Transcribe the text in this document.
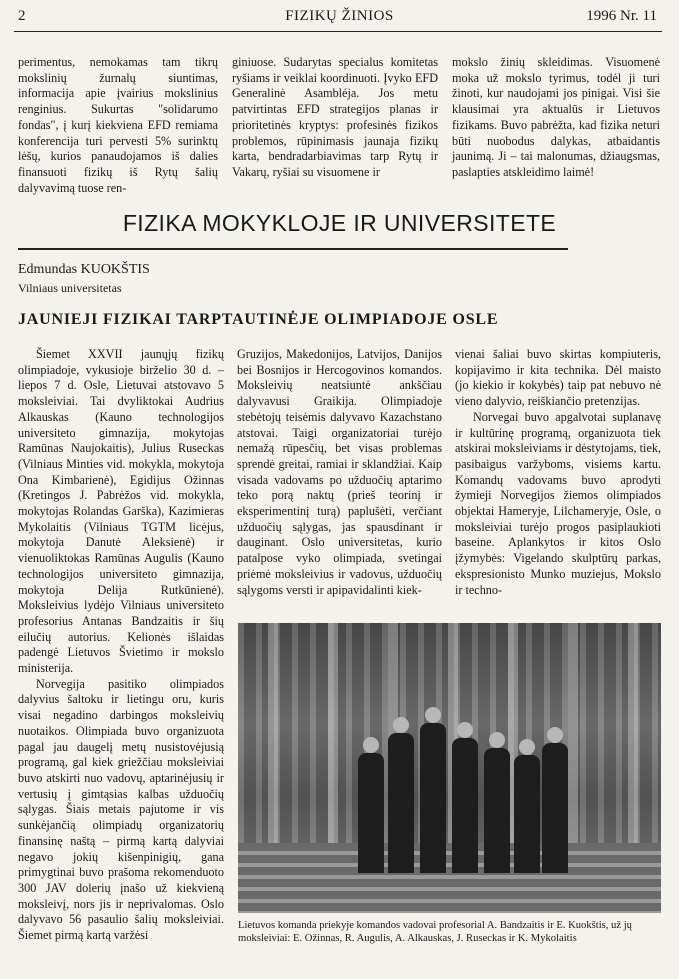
2	FIZIKŲ ŽINIOS	1996 Nr. 11

perimentus, nemokamas tam tikrų mokslinių žurnalų siuntimas, informacija apie įvairius mokslinius renginius. Sukurtas "solidarumo fondas", į kurį kiekviena EFD remiama konferencija turi pervesti 5% surinktų lėšų, kurios panaudojamos iš dalies finansuoti fizikų iš Rytų šalių dalyvavimą tuose ren-

giniuose. Sudarytas specialus komitetas ryšiams ir veiklai koordinuoti. Įvyko EFD Generalinė Asambléja. Jos metu patvirtintas EFD strategijos planas ir prioritetinės kryptys: profesinės fizikos problemos, rūpinimasis jaunaja fizikų karta, bendradarbiavimas tarp Rytų ir Vakarų, ryšiai su visuomene ir

mokslo žinių skleidimas. Visuomenė moka už mokslo tyrimus, todėl ji turi žinoti, kur naudojami jos pinigai. Visi šie klausimai yra aktualūs ir Lietuvos fizikams. Buvo pabrėžta, kad fizika neturi būti nuobodus dalykas, atbaidantis jaunimą. Ji – tai malonumas, džiaugsmas, paslapties atskleidimo laimė!

FIZIKA MOKYKLOJE IR UNIVERSITETE
Edmundas KUOKŠTIS
Vilniaus universitetas
JAUNIEJI FIZIKAI TARPTAUTINĖJE OLIMPIADOJE OSLE

Šiemet XXVII jaunųjų fizikų olimpiadoje, vykusioje birželio 30 d. – liepos 7 d. Osle, Lietuvai atstovavo 5 moksleiviai. Tai dvyliktokai Audrius Alkauskas (Kauno technologijos universiteto gimnazija, mokytojas Ramūnas Naujokaitis), Julius Ruseckas (Vilniaus Minties vid. mokykla, mokytoja Ona Kimbarienė), Egidijus Ožinnas (Kretingos J. Pabrėžos vid. mokykla, mokytojas Rolandas Garška), Kazimieras Mykolaitis (Vilniaus TGTM licėjus, mokytoja Danutė Aleksienė) ir vienuoliktokas Ramūnas Augulis (Kauno technologijos universiteto gimnazija, mokytoja Delija Rutkūnienė). Moksleivius lydėjo Vilniaus universiteto profesorius Antanas Bandzaitis ir šių eilučių autorius. Kelionės išlaidas padengė Lietuvos Švietimo ir mokslo ministerija.

Norvegija pasitiko olimpiados dalyvius šaltoku ir lietingu oru, kuris visai negadino darbingos moksleivių nuotaikos. Olimpiada buvo organizuota pagal jau daugelį metų nusistovėjusią programą, gal kiek griežčiau moksleiviai buvo atskirti nuo vadovų, aptarinėjusių ir vertusių į gimtąsias kalbas užduočių sąlygas. Šiais metais pajutome ir vis sunkėjančią olimpiadų organizatorių finansinę naštą – pirmą kartą dalyviai negavo jokių kišenpinigių, gana primygtinai buvo prašoma rekomenduoto 300 JAV dolerių įnašo už kiekvieną moksleivį, nors jis ir neprivalomas. Oslo dalyvavo 56 pasaulio šalių moksleiviai. Šiemet pirmą kartą varžėsi

Gruzijos, Makedonijos, Latvijos, Danijos bei Bosnijos ir Hercogovinos komandos. Moksleivių neatsiuntė ankščiau dalyvavusi Graikija. Olimpiadoje stebėtojų teisėmis dalyvavo Kazachstano atstovai. Taigi organizatoriai turėjo nemažą rūpesčių, bet visas problemas sprendė greitai, ramiai ir sklandžiai. Kaip visada vadovams po užduočių aptarimo teko porą naktų (prieš teorinį ir eksperimentinį turą) paplušėti, verčiant užduočių sąlygas, jas spausdinant ir dauginant. Oslo universitetas, kurio patalpose vyko olimpiada, svetingai priėmė moksleivius ir vadovus, užduočių sąlygoms versti ir apipavidalinti kiek-

vienai šaliai buvo skirtas kompiuteris, kopijavimo ir kita technika. Dėl maisto (jo kiekio ir kokybės) taip pat nebuvo nė vieno dalyvio, reiškiančio pretenzijas.

Norvegai buvo apgalvotai suplanavę ir kultūrinę programą, organizuota tiek atskirai moksleiviams ir dėstytojams, tiek, pasibaigus varžyboms, visiems kartu. Komandų vadovams buvo aprodyti žymieji Norvegijos žiemos olimpiados objektai Hameryje, Lilchameryje, Osle, o moksleiviai turėjo progos pasiplaukioti baseine. Aplankytos ir kitos Oslo įžymybės: Vigelando skulptūrų parkas, ekspresionisto Munko muziejus, Mokslo ir techno-

Lietuvos komanda priekyje komandos vadovai profesorial A. Bandzaitis ir E. Kuokštis, už jų moksleiviai: E. Ožinnas, R. Augulis, A. Alkauskas, J. Ruseckas ir K. Mykolaitis
